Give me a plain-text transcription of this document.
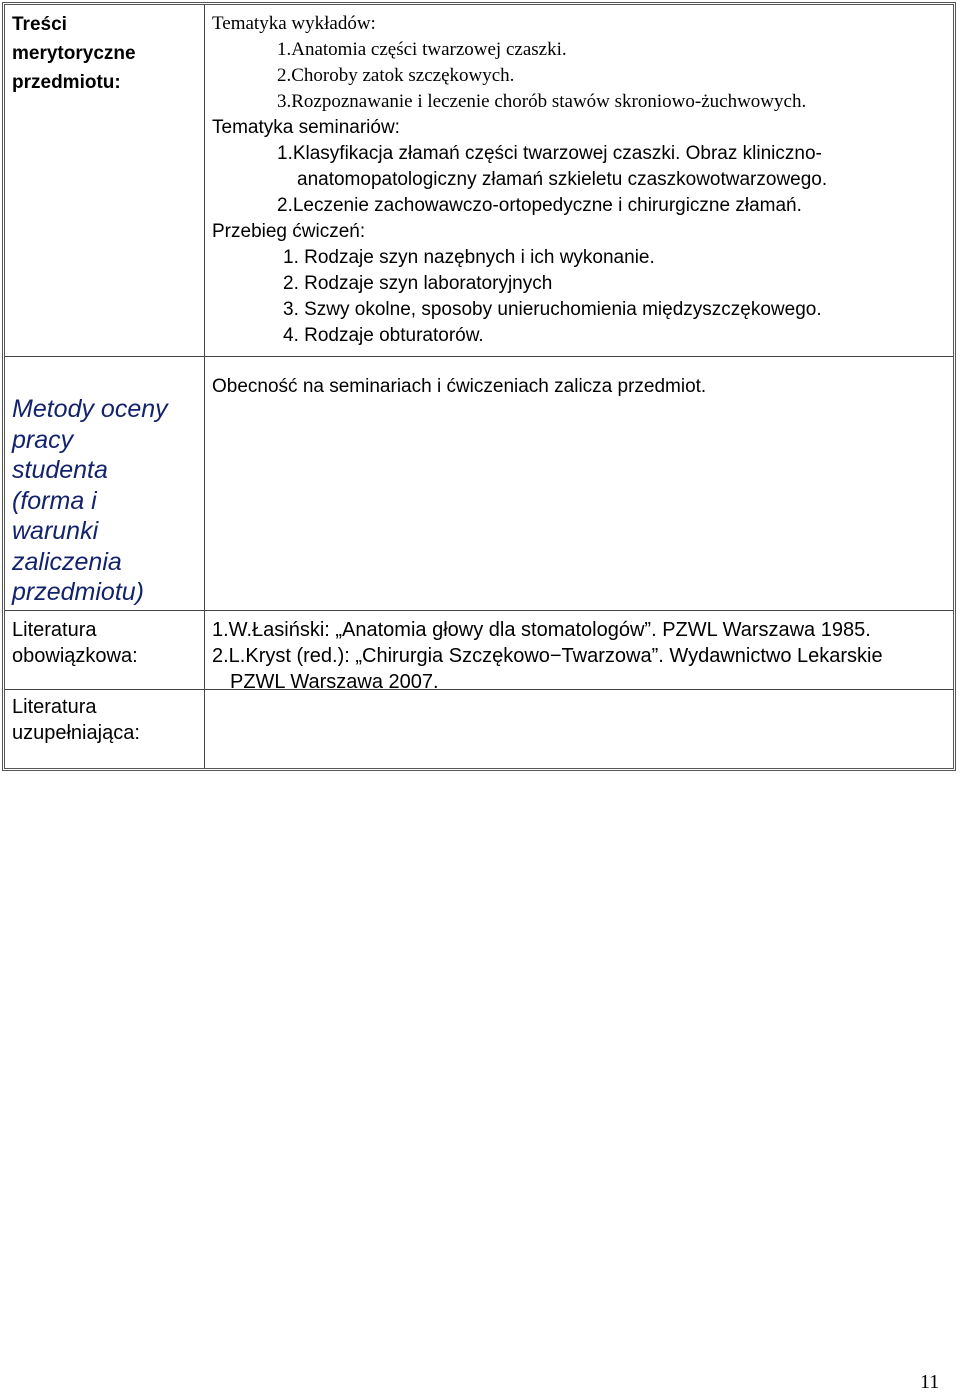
Treści
merytoryczne
przedmiotu:
Tematyka wykładów:
1.Anatomia części twarzowej czaszki.
2.Choroby zatok szczękowych.
3.Rozpoznawanie i leczenie chorób stawów skroniowo-żuchwowych.
Tematyka seminariów:
1.Klasyfikacja złamań części twarzowej czaszki. Obraz kliniczno-
anatomopatologiczny złamań szkieletu czaszkowotwarzowego.
2.Leczenie zachowawczo-ortopedyczne i chirurgiczne złamań.
Przebieg ćwiczeń:
1. Rodzaje szyn nazębnych i ich wykonanie.
2. Rodzaje szyn laboratoryjnych
3. Szwy okolne, sposoby unieruchomienia międzyszczękowego.
4. Rodzaje obturatorów.
Metody oceny
pracy
studenta
(forma i
warunki
zaliczenia
przedmiotu)
Obecność na seminariach i ćwiczeniach zalicza przedmiot.
Literatura
obowiązkowa:
1.W.Łasiński: „Anatomia głowy dla stomatologów”. PZWL Warszawa 1985.
2.L.Kryst (red.): „Chirurgia Szczękowo−Twarzowa”. Wydawnictwo Lekarskie
PZWL Warszawa 2007.
Literatura
uzupełniająca:
11
